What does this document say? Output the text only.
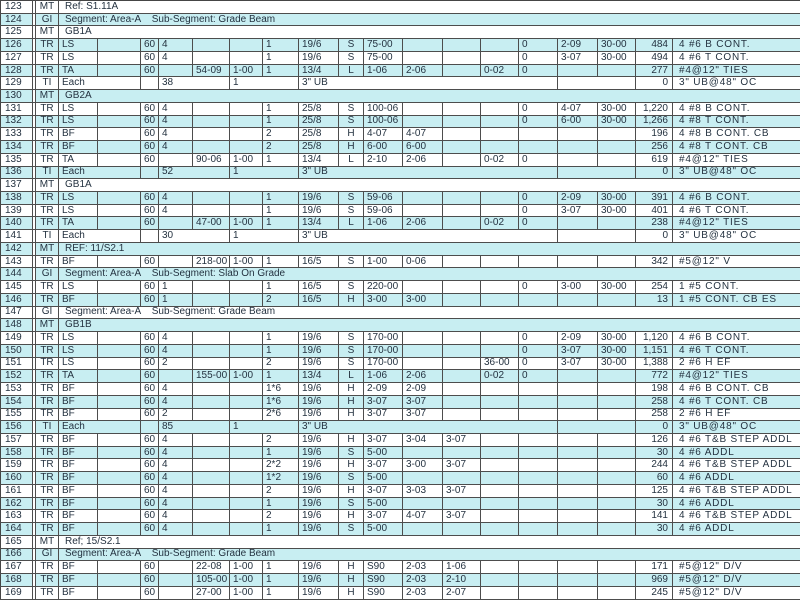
123		MT	Ref: S1.11A																	
124		GI	Segment: Area-A    Sub-Segment: Grade Beam																	
125		MT	GB1A																	
126		TR	LS		60	4			1	19/6	S	75-00				0	2-09	30-00	484	4 #6 B CONT.
127		TR	LS		60	4			1	19/6	S	75-00				0	3-07	30-00	494	4 #6 T CONT.
128		TR	TA		60		54-09	1-00	1	13/4	L	1-06	2-06		0-02	0			277	#4@12" TIES
129		TI	Each			38		1		3" UB									0	3" UB@48" OC
130		MT	GB2A																	
131		TR	LS		60	4			1	25/8	S	100-06				0	4-07	30-00	1,220	4 #8 B CONT.
132		TR	LS		60	4			1	25/8	S	100-06				0	6-00	30-00	1,266	4 #8 T CONT.
133		TR	BF		60	4			2	25/8	H	4-07	4-07						196	4 #8 B CONT. CB
134		TR	BF		60	4			2	25/8	H	6-00	6-00						256	4 #8 T CONT. CB
135		TR	TA		60		90-06	1-00	1	13/4	L	2-10	2-06		0-02	0			619	#4@12" TIES
136		TI	Each			52		1		3" UB									0	3" UB@48" OC
137		MT	GB1A																	
138		TR	LS		60	4			1	19/6	S	59-06				0	2-09	30-00	391	4 #6 B CONT.
139		TR	LS		60	4			1	19/6	S	59-06				0	3-07	30-00	401	4 #6 T CONT.
140		TR	TA		60		47-00	1-00	1	13/4	L	1-06	2-06		0-02	0			238	#4@12" TIES
141		TI	Each			30		1		3" UB									0	3" UB@48" OC
142		MT	REF: 11/S2.1																	
143		TR	BF		60		218-00	1-00	1	16/5	S	1-00	0-06						342	#5@12" V
144		GI	Segment: Area-A    Sub-Segment: Slab On Grade																	
145		TR	LS		60	1			1	16/5	S	220-00				0	3-00	30-00	254	1 #5 CONT.
146		TR	BF		60	1			2	16/5	H	3-00	3-00						13	1 #5 CONT. CB ES
147		GI	Segment: Area-A    Sub-Segment: Grade Beam																	
148		MT	GB1B																	
149		TR	LS		60	4			1	19/6	S	170-00				0	2-09	30-00	1,120	4 #6 B CONT.
150		TR	LS		60	4			1	19/6	S	170-00				0	3-07	30-00	1,151	4 #6 T CONT.
151		TR	LS		60	2			2	19/6	S	170-00			36-00	0	3-07	30-00	1,388	2 #6 H EF
152		TR	TA		60		155-00	1-00	1	13/4	L	1-06	2-06		0-02	0			772	#4@12" TIES
153		TR	BF		60	4			1*6	19/6	H	2-09	2-09						198	4 #6 B CONT. CB
154		TR	BF		60	4			1*6	19/6	H	3-07	3-07						258	4 #6 T CONT. CB
155		TR	BF		60	2			2*6	19/6	H	3-07	3-07						258	2 #6 H EF
156		TI	Each			85		1		3" UB									0	3" UB@48" OC
157		TR	BF		60	4			2	19/6	H	3-07	3-04	3-07					126	4 #6 T&B STEP ADDL
158		TR	BF		60	4			1	19/6	S	5-00							30	4 #6 ADDL
159		TR	BF		60	4			2*2	19/6	H	3-07	3-00	3-07					244	4 #6 T&B STEP ADDL
160		TR	BF		60	4			1*2	19/6	S	5-00							60	4 #6 ADDL
161		TR	BF		60	4			2	19/6	H	3-07	3-03	3-07					125	4 #6 T&B STEP ADDL
162		TR	BF		60	4			1	19/6	S	5-00							30	4 #6 ADDL
163		TR	BF		60	4			2	19/6	H	3-07	4-07	3-07					141	4 #6 T&B STEP ADDL
164		TR	BF		60	4			1	19/6	S	5-00							30	4 #6 ADDL
165		MT	Ref; 15/S2.1																	
166		GI	Segment: Area-A    Sub-Segment: Grade Beam																	
167		TR	BF		60		22-08	1-00	1	19/6	H	S90	2-03	1-06					171	#5@12" D/V
168		TR	BF		60		105-00	1-00	1	19/6	H	S90	2-03	2-10					969	#5@12" D/V
169		TR	BF		60		27-00	1-00	1	19/6	H	S90	2-03	2-07					245	#5@12" D/V
